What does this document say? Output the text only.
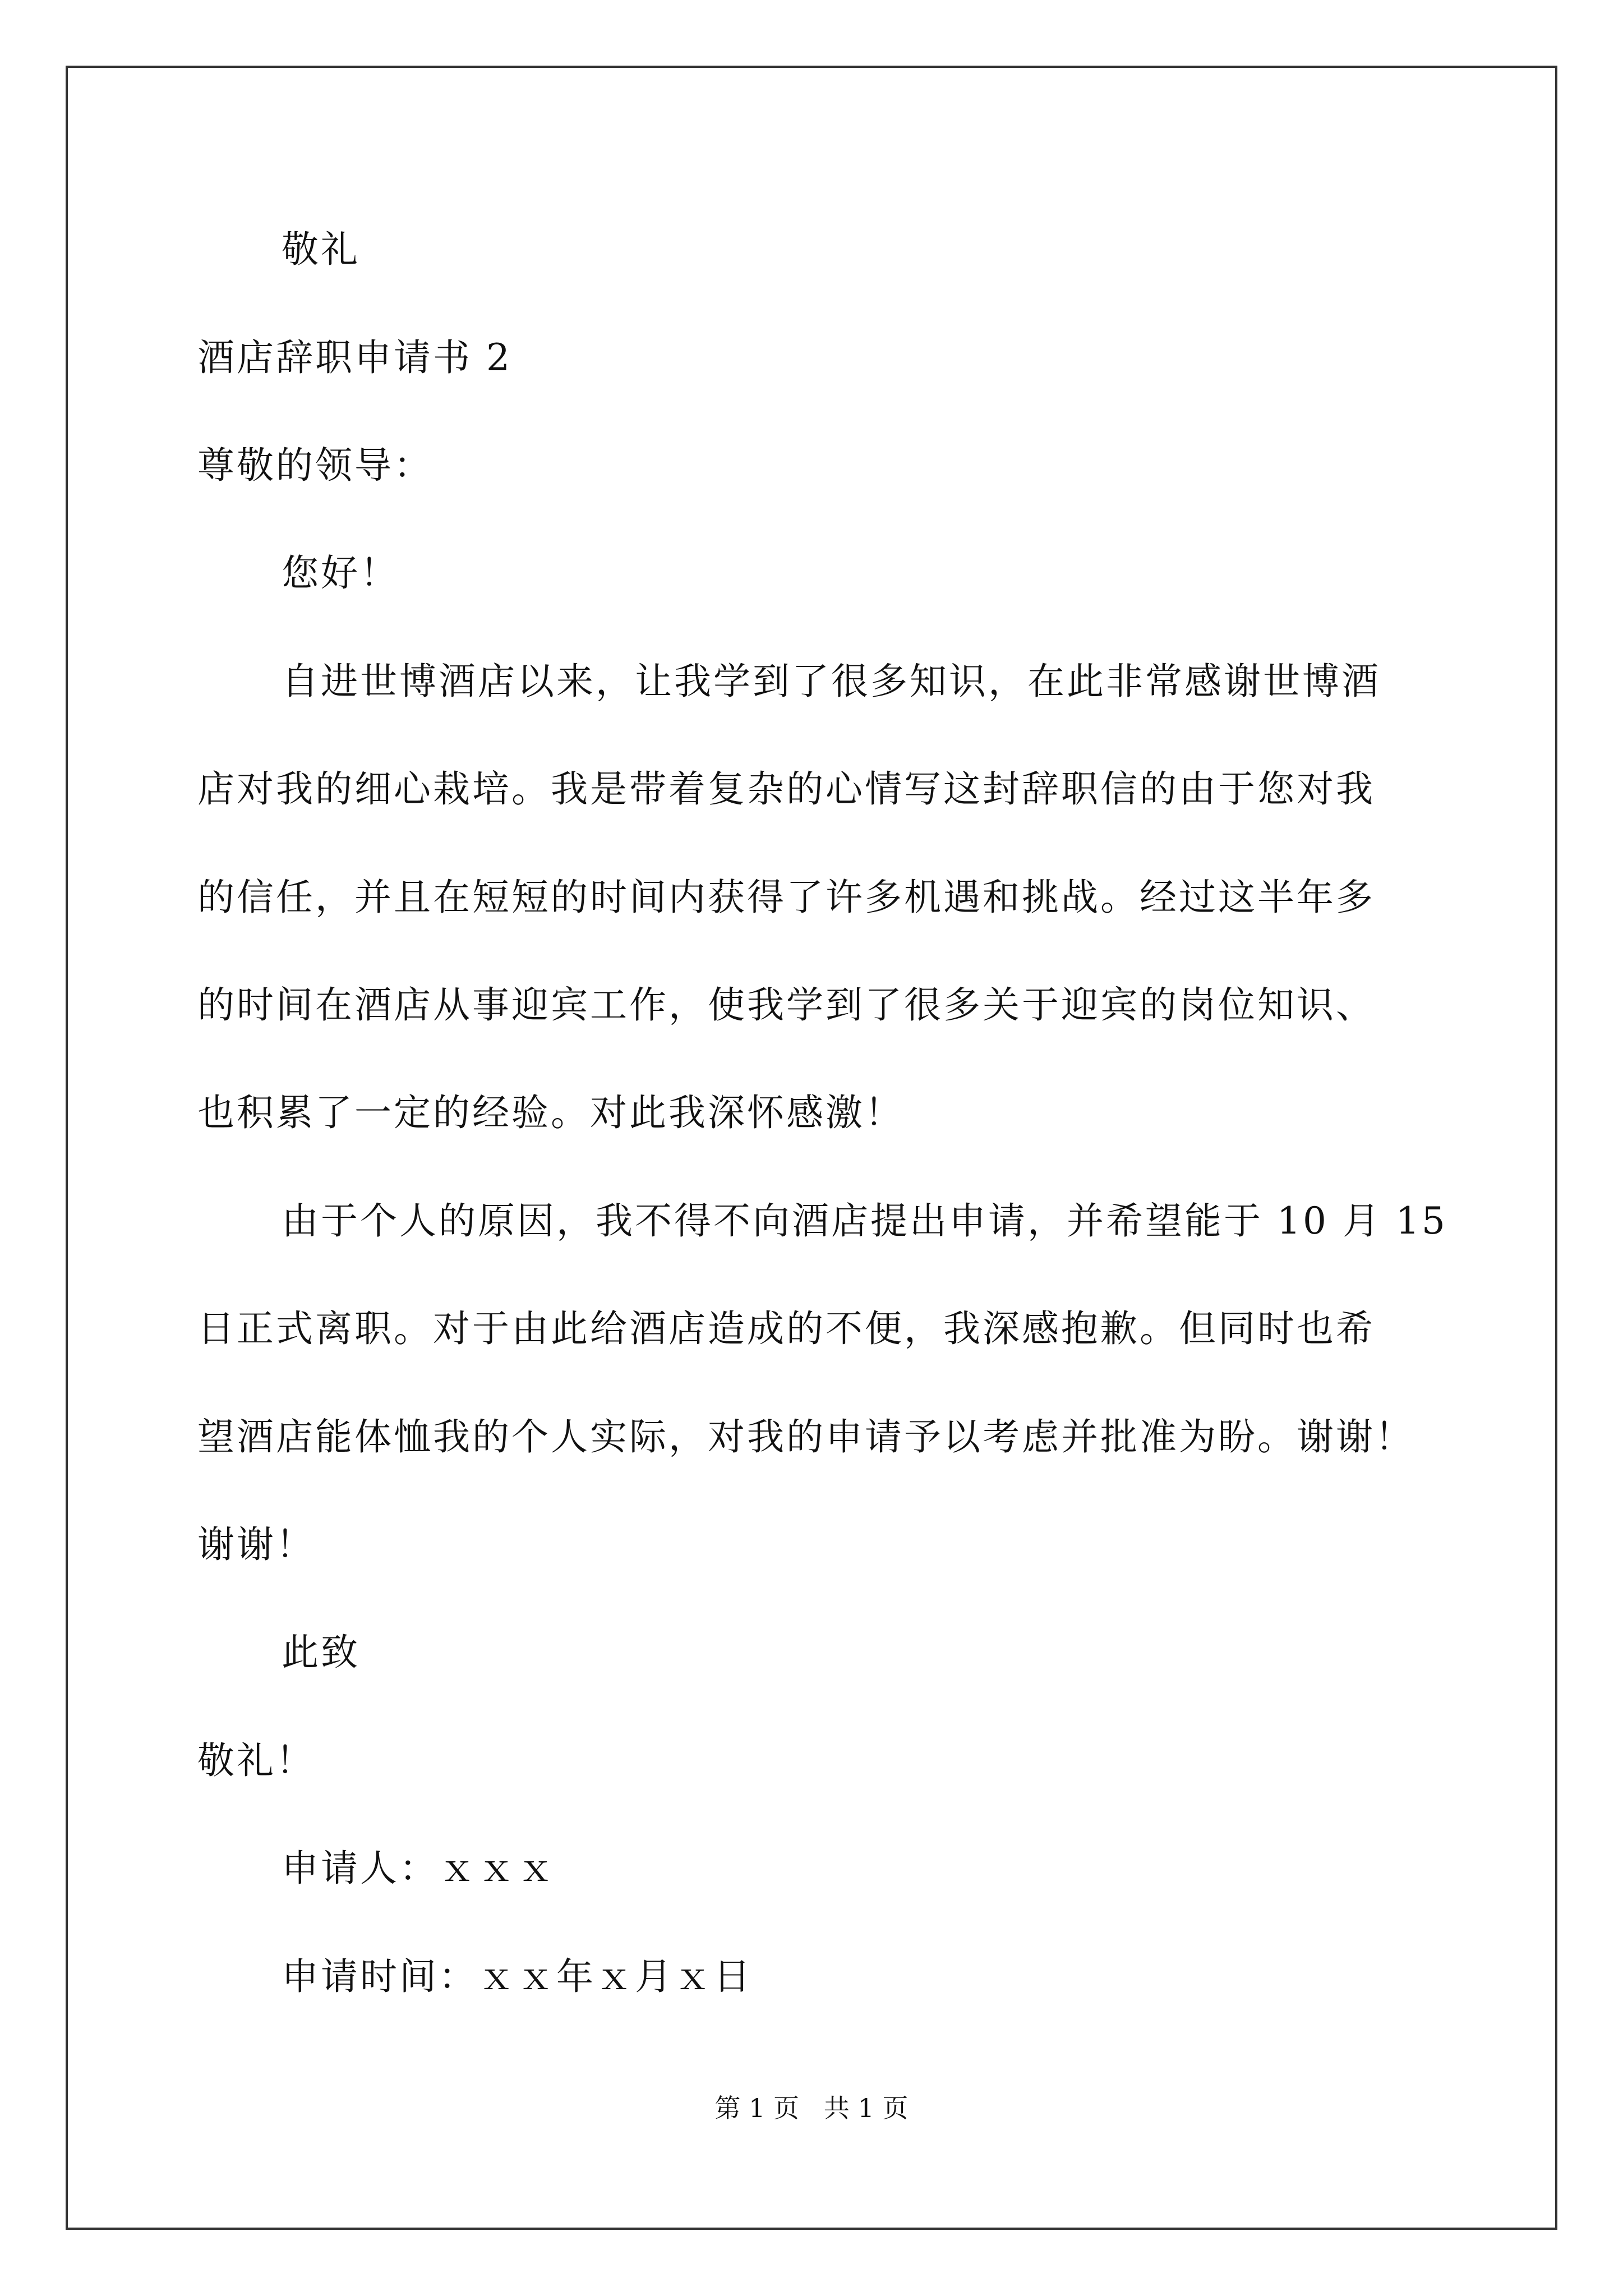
敬礼
酒店辞职申请书 2
尊敬的领导：
您好！
自进世博酒店以来，让我学到了很多知识，在此非常感谢世博酒
店对我的细心栽培。我是带着复杂的心情写这封辞职信的由于您对我
的信任，并且在短短的时间内获得了许多机遇和挑战。经过这半年多
的时间在酒店从事迎宾工作，使我学到了很多关于迎宾的岗位知识、
也积累了一定的经验。对此我深怀感激！
由于个人的原因，我不得不向酒店提出申请，并希望能于 10 月 15
日正式离职。对于由此给酒店造成的不便，我深感抱歉。但同时也希
望酒店能体恤我的个人实际，对我的申请予以考虑并批准为盼。谢谢！
谢谢！
此致
敬礼！
申请人：ｘｘｘ
申请时间：ｘｘ年ｘ月ｘ日
第 1 页   共 1 页
